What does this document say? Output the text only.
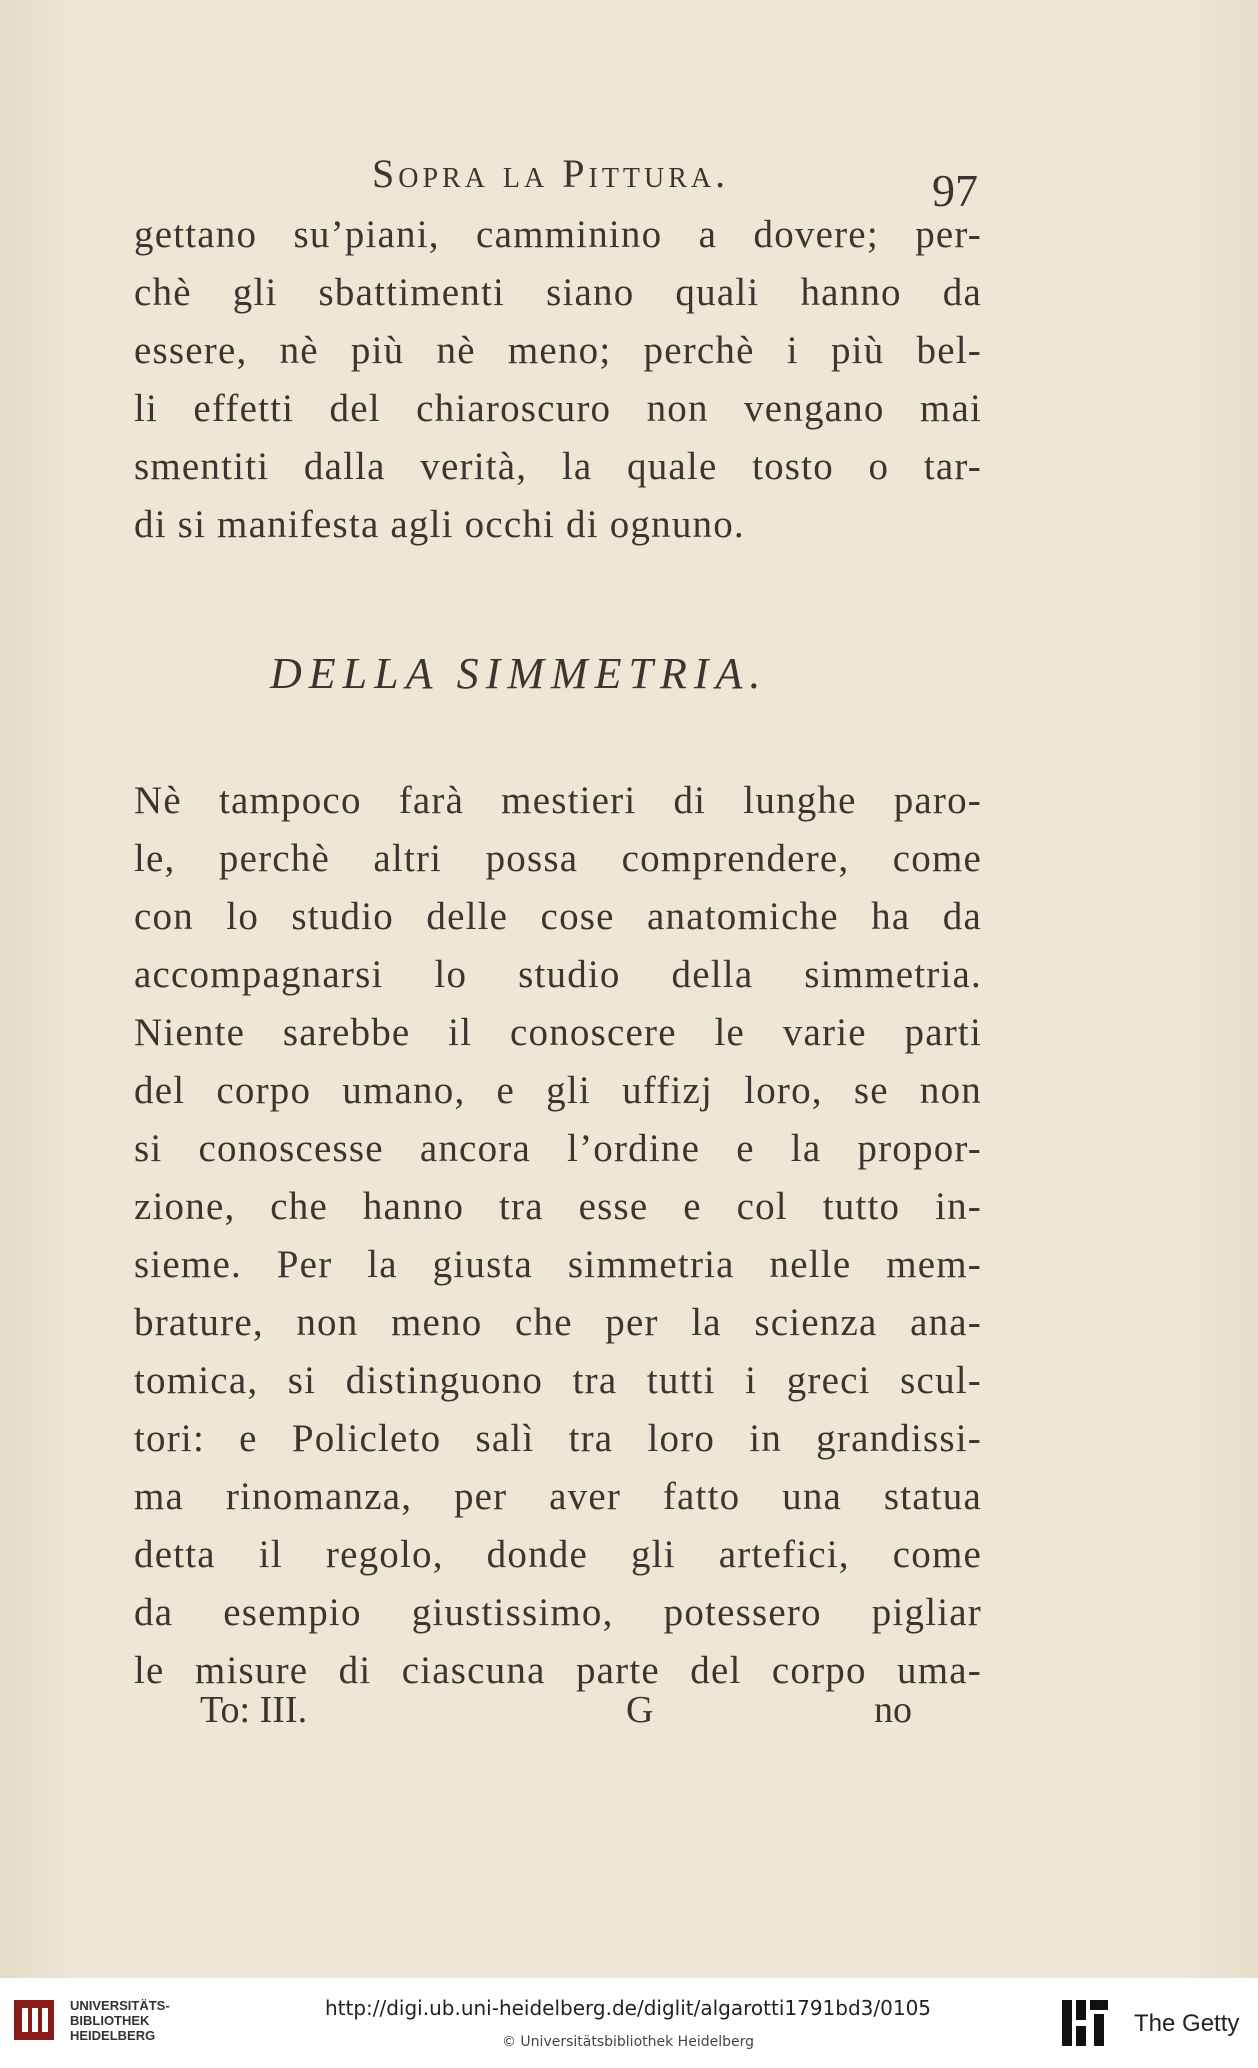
Sopra la Pittura.	97
gettano su’piani, camminino a dovere; per-
chè gli sbattimenti siano quali hanno da
essere, nè più nè meno; perchè i più bel-
li effetti del chiaroscuro non vengano mai
smentiti dalla verità, la quale tosto o tar-
di si manifesta agli occhi di ognuno.
DELLA SIMMETRIA.
Nè tampoco farà mestieri di lunghe paro-
le, perchè altri possa comprendere, come
con lo studio delle cose anatomiche ha da
accompagnarsi lo studio della simmetria.
Niente sarebbe il conoscere le varie parti
del corpo umano, e gli uffizj loro, se non
si conoscesse ancora l’ordine e la propor-
zione, che hanno tra esse e col tutto in-
sieme. Per la giusta simmetria nelle mem-
brature, non meno che per la scienza ana-
tomica, si distinguono tra tutti i greci scul-
tori: e Policleto salì tra loro in grandissi-
ma rinomanza, per aver fatto una statua
detta il regolo, donde gli artefici, come
da esempio giustissimo, potessero pigliar
le misure di ciascuna parte del corpo uma-
To: III.	G	no
UNIVERSITÄTS-
BIBLIOTHEK
HEIDELBERG
http://digi.ub.uni-heidelberg.de/diglit/algarotti1791bd3/0105
© Universitätsbibliothek Heidelberg
The Getty
